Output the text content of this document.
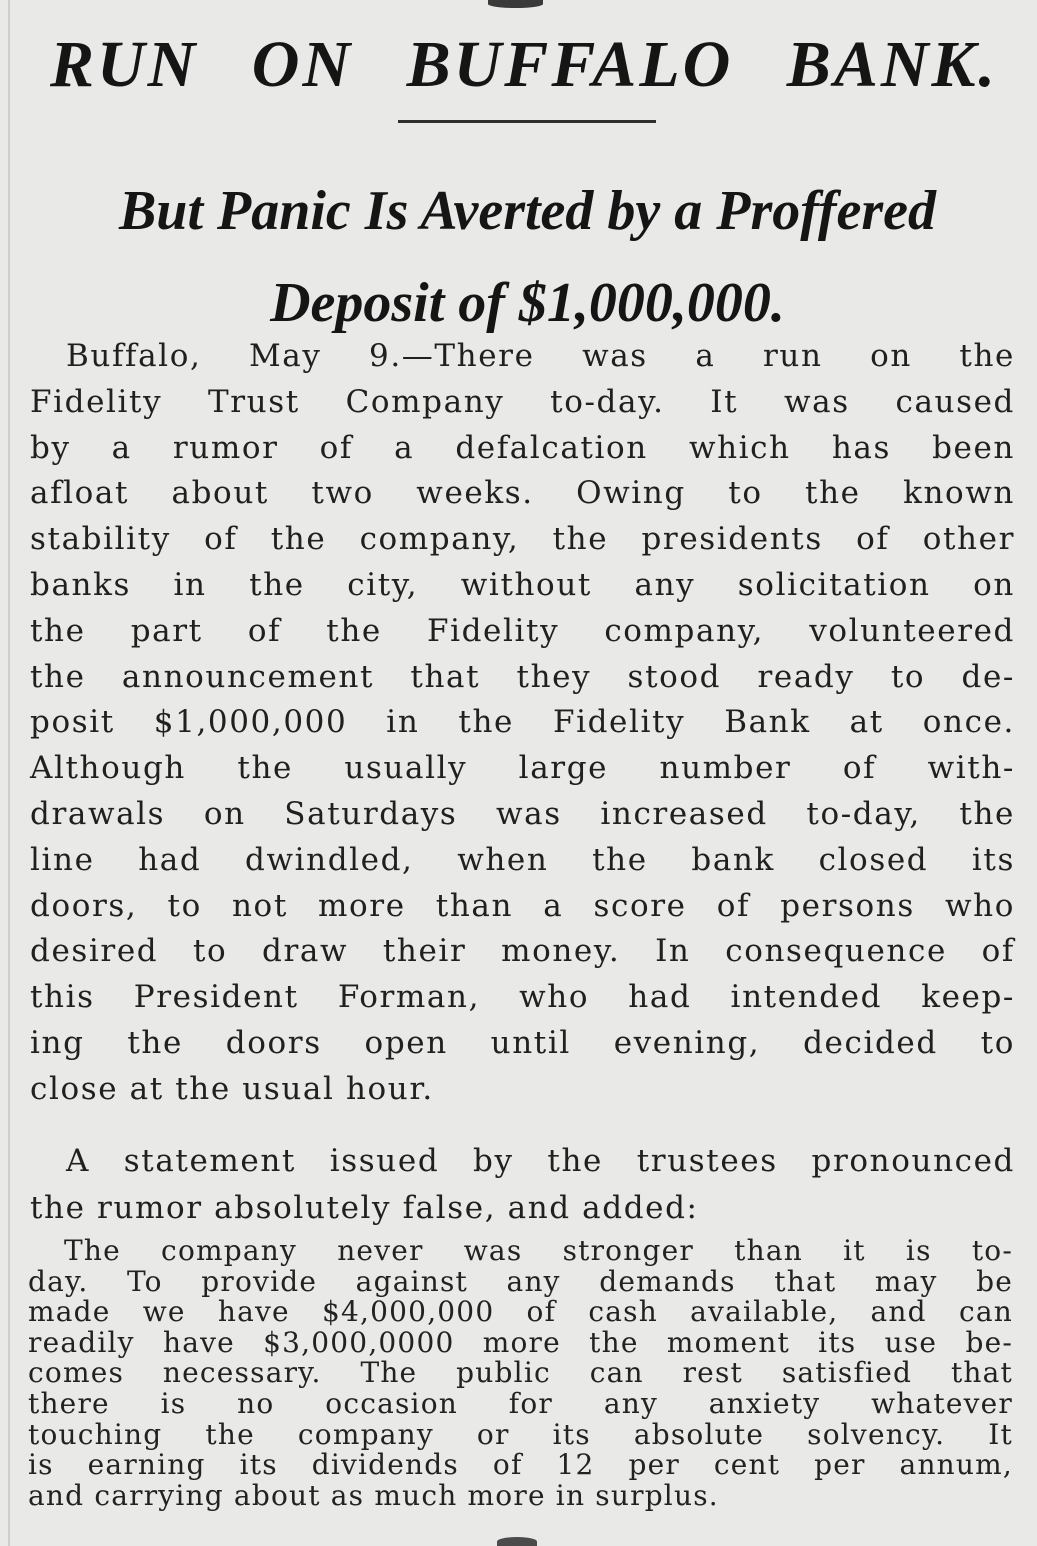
RUN ON BUFFALO BANK.
But Panic Is Averted by a Proffered
Deposit of $1,000,000.
Buffalo, May 9.—There was a run on the
Fidelity Trust Company to-day. It was caused
by a rumor of a defalcation which has been
afloat about two weeks. Owing to the known
stability of the company, the presidents of other
banks in the city, without any solicitation on
the part of the Fidelity company, volunteered
the announcement that they stood ready to de-
posit $1,000,000 in the Fidelity Bank at once.
Although the usually large number of with-
drawals on Saturdays was increased to-day, the
line had dwindled, when the bank closed its
doors, to not more than a score of persons who
desired to draw their money. In consequence of
this President Forman, who had intended keep-
ing the doors open until evening, decided to
close at the usual hour.
A statement issued by the trustees pronounced
the rumor absolutely false, and added:
The company never was stronger than it is to-
day. To provide against any demands that may be
made we have $4,000,000 of cash available, and can
readily have $3,000,0000 more the moment its use be-
comes necessary. The public can rest satisfied that
there is no occasion for any anxiety whatever
touching the company or its absolute solvency. It
is earning its dividends of 12 per cent per annum,
and carrying about as much more in surplus.
